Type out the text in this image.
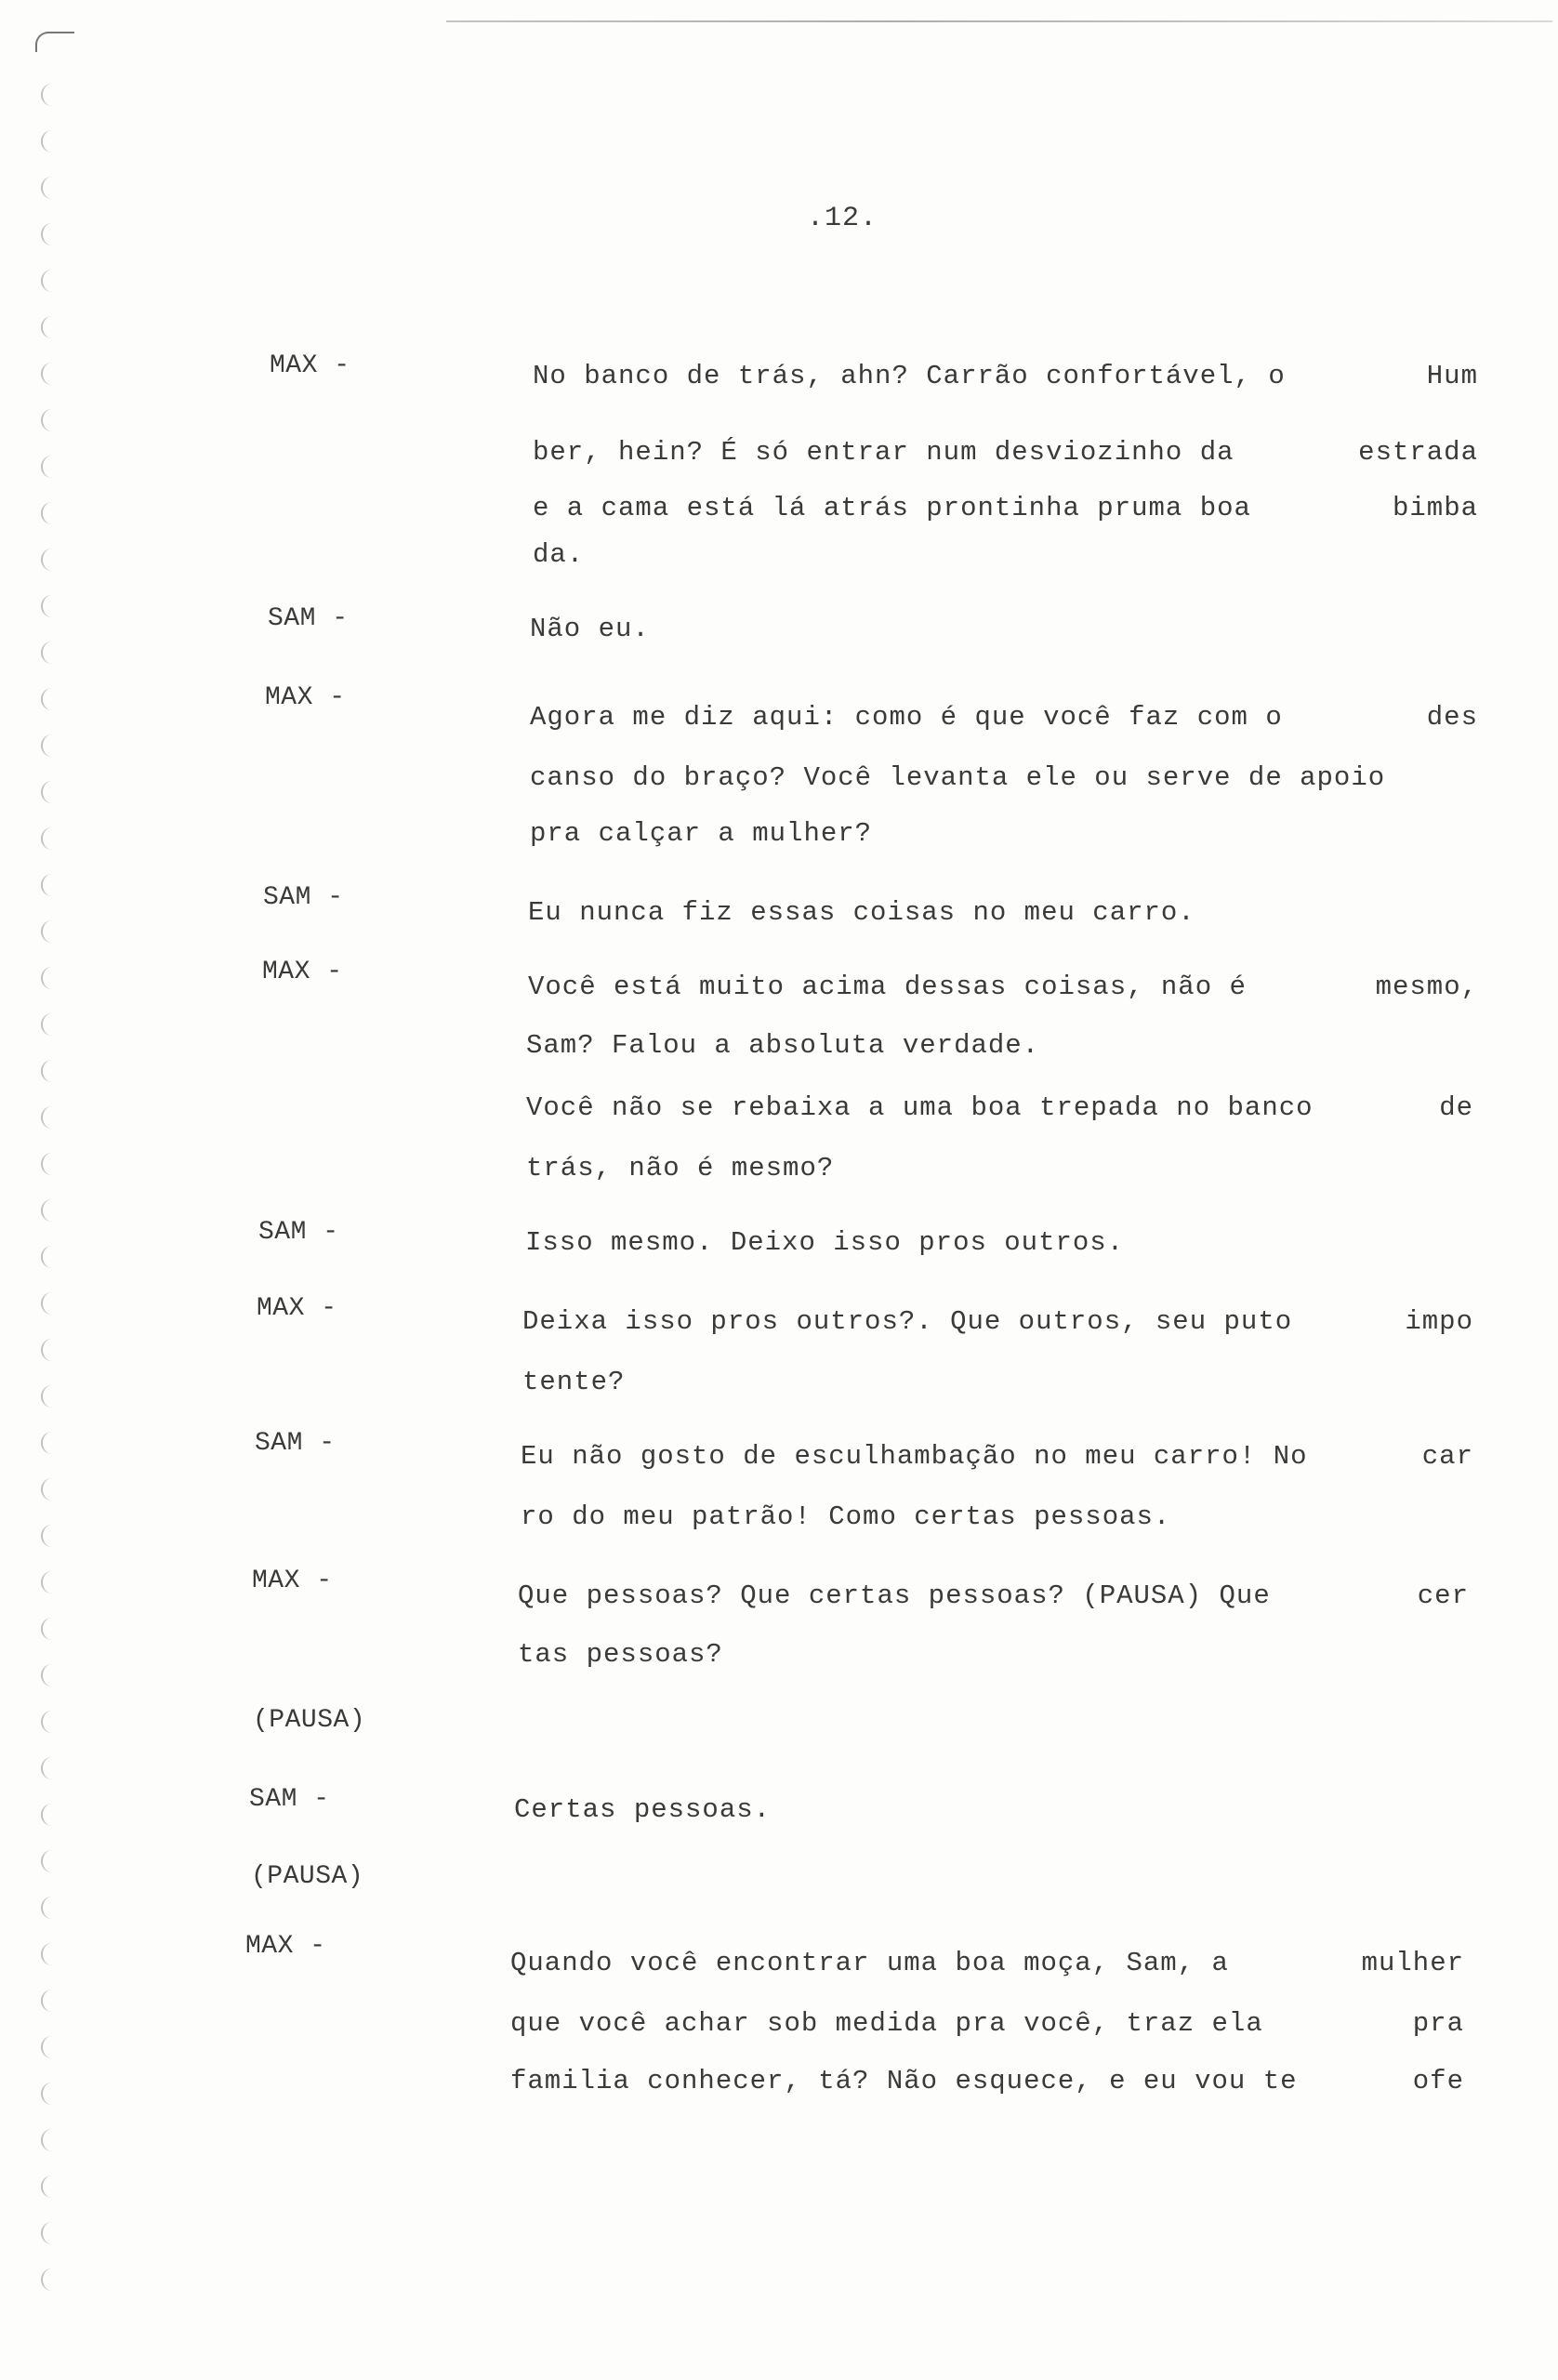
.12.
MAX -	No banco de trás, ahn? Carrão confortável, o	Hum
ber, hein? É só entrar num desviozinho da	estrada
e a cama está lá atrás prontinha pruma boa	bimba
da.
SAM -	Não eu.
MAX -
Agora me diz aqui: como é que você faz com o	des
canso do braço? Você levanta ele ou serve de apoio
pra calçar a mulher?
SAM -	Eu nunca fiz essas coisas no meu carro.
MAX -	Você está muito acima dessas coisas, não é	mesmo,
Sam? Falou a absoluta verdade.
Você não se rebaixa a uma boa trepada no banco	de
trás, não é mesmo?
SAM -	Isso mesmo. Deixo isso pros outros.
MAX -	Deixa isso pros outros?. Que outros, seu puto	impo
tente?
SAM -	Eu não gosto de esculhambação no meu carro! No	car
ro do meu patrão! Como certas pessoas.
MAX -	Que pessoas? Que certas pessoas? (PAUSA) Que	cer
tas pessoas?
(PAUSA)
SAM -	Certas pessoas.
(PAUSA)
MAX -
Quando você encontrar uma boa moça, Sam, a	mulher
que você achar sob medida pra você, traz ela	pra
familia conhecer, tá? Não esquece, e eu vou te	ofe
